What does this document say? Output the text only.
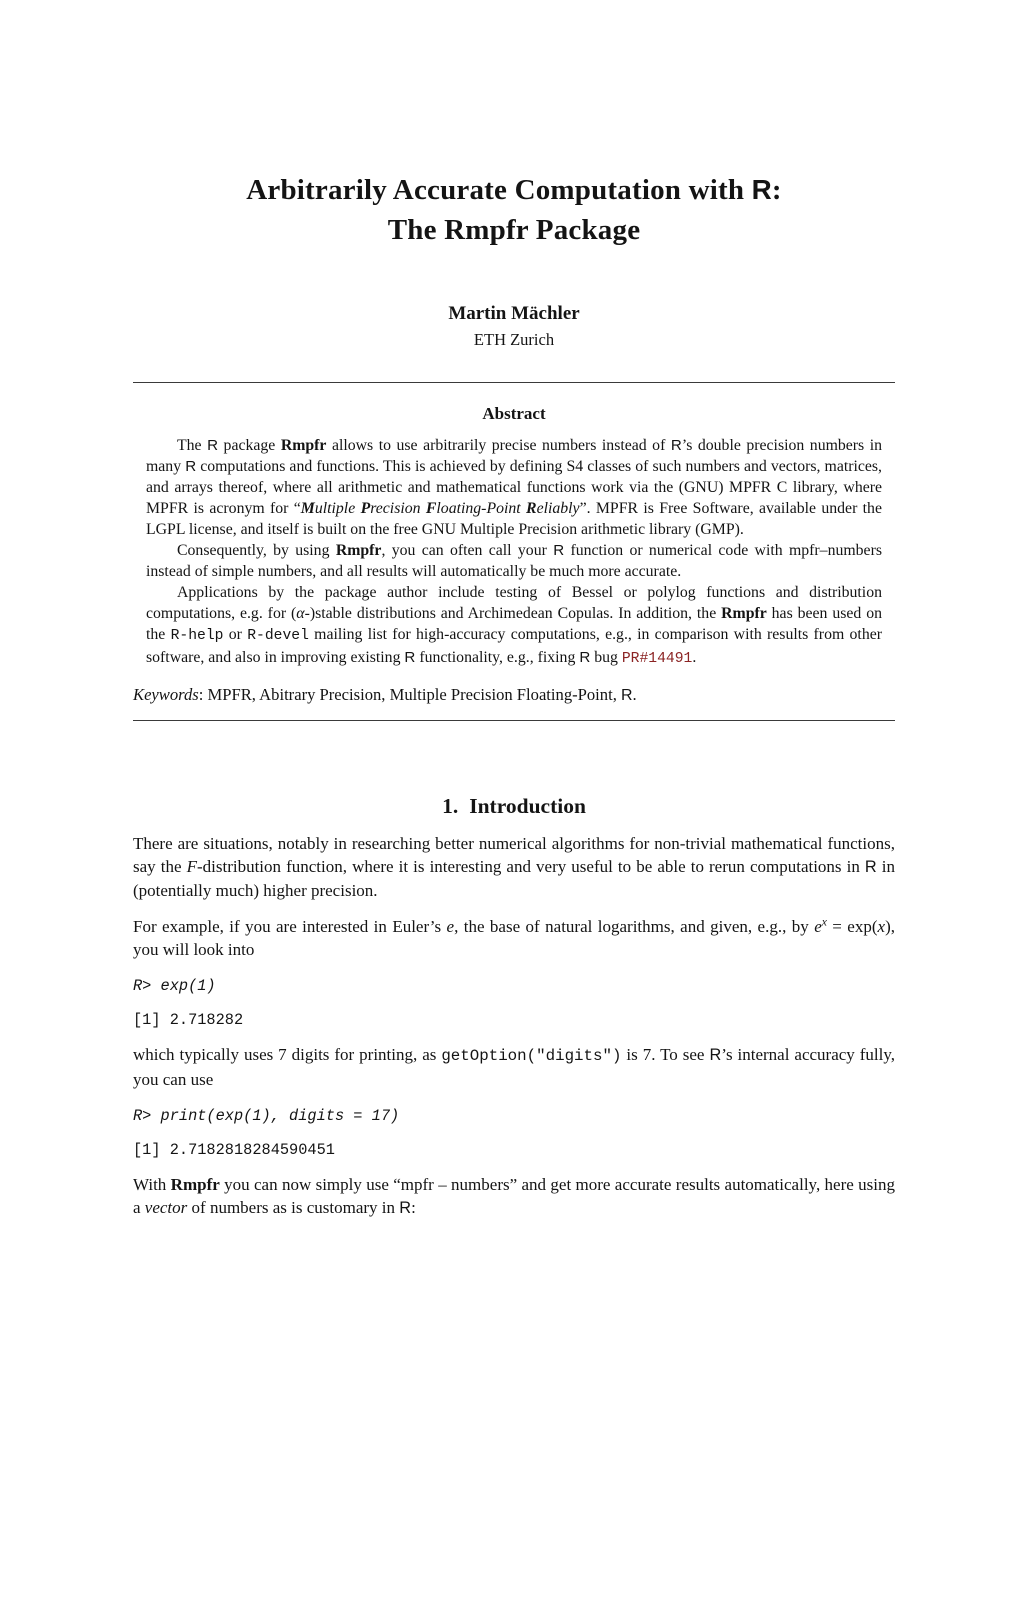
Arbitrarily Accurate Computation with R:
The Rmpfr Package
Martin Mächler
ETH Zurich
Abstract

The R package Rmpfr allows to use arbitrarily precise numbers instead of R’s double precision numbers in many R computations and functions. This is achieved by defining S4 classes of such numbers and vectors, matrices, and arrays thereof, where all arithmetic and mathematical functions work via the (GNU) MPFR C library, where MPFR is acronym for “Multiple Precision Floating-Point Reliably”. MPFR is Free Software, available under the LGPL license, and itself is built on the free GNU Multiple Precision arithmetic library (GMP).

Consequently, by using Rmpfr, you can often call your R function or numerical code with mpfr–numbers instead of simple numbers, and all results will automatically be much more accurate.

Applications by the package author include testing of Bessel or polylog functions and distribution computations, e.g. for (α-)stable distributions and Archimedean Copulas. In addition, the Rmpfr has been used on the R-help or R-devel mailing list for high-accuracy computations, e.g., in comparison with results from other software, and also in improving existing R functionality, e.g., fixing R bug PR#14491.

Keywords: MPFR, Abitrary Precision, Multiple Precision Floating-Point, R.
1. Introduction

There are situations, notably in researching better numerical algorithms for non-trivial mathematical functions, say the F-distribution function, where it is interesting and very useful to be able to rerun computations in R in (potentially much) higher precision.

For example, if you are interested in Euler’s e, the base of natural logarithms, and given, e.g., by $e^x = \exp(x)$, you will look into

R> exp(1)
[1] 2.718282

which typically uses 7 digits for printing, as getOption("digits") is 7. To see R’s internal accuracy fully, you can use

R> print(exp(1), digits = 17)
[1] 2.7182818284590451

With Rmpfr you can now simply use “mpfr – numbers” and get more accurate results automatically, here using a vector of numbers as is customary in R:
